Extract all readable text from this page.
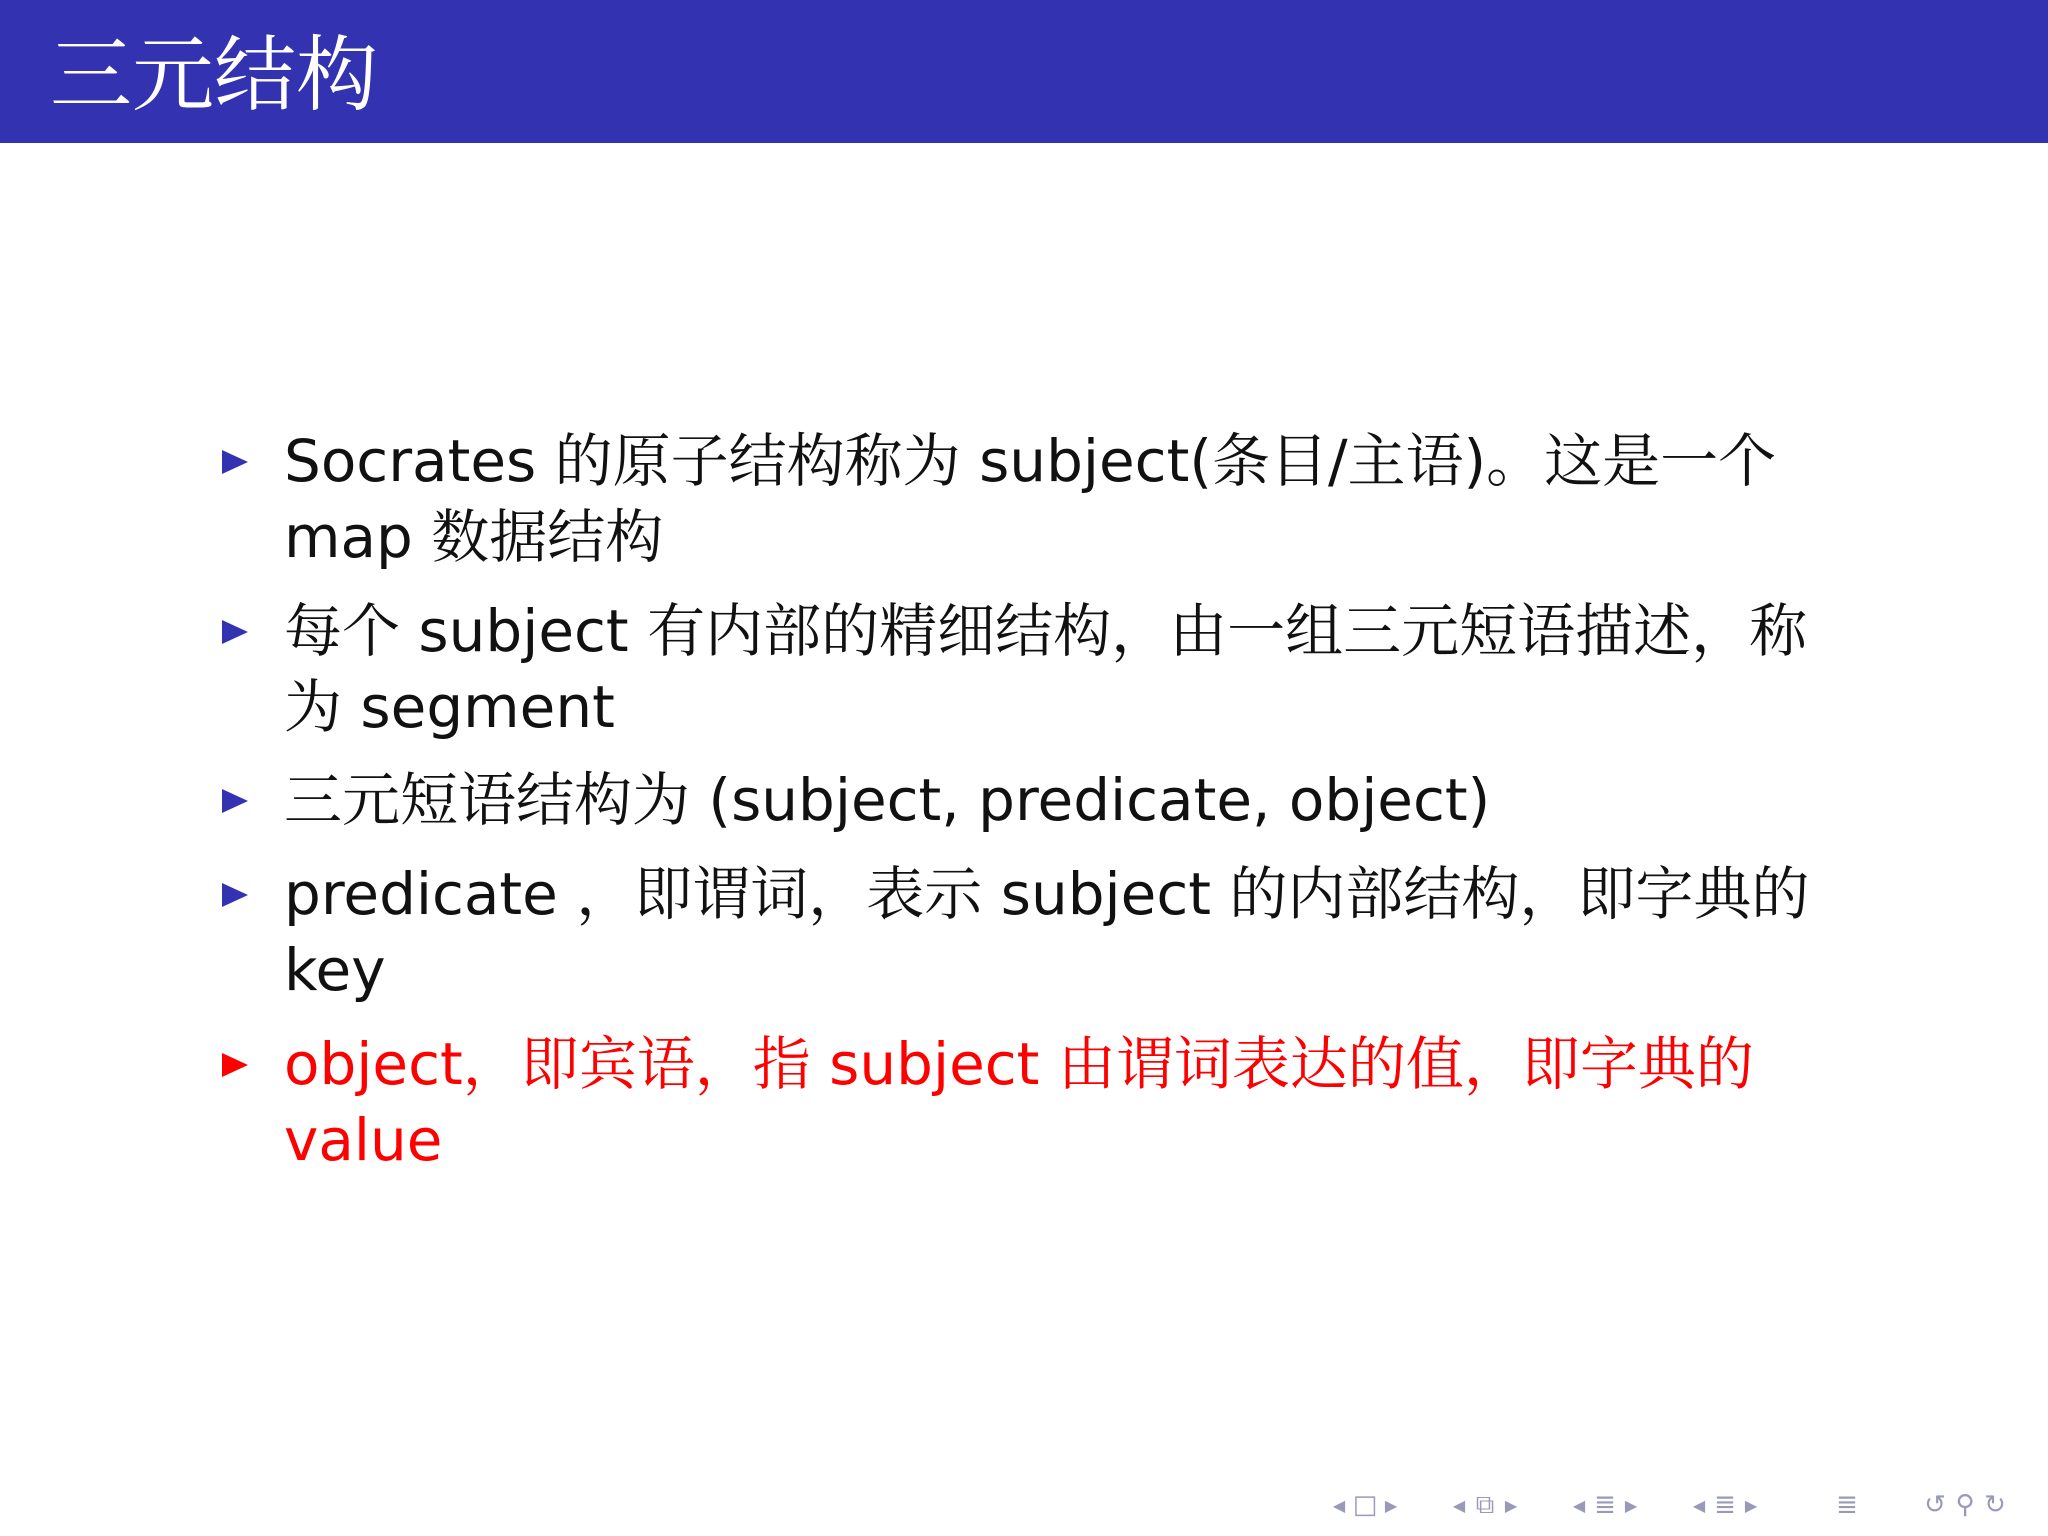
三元结构
Socrates 的原子结构称为 subject(条目/主语)。这是一个
map 数据结构
每个 subject 有内部的精细结构，由一组三元短语描述，称
为 segment
三元短语结构为 (subject, predicate, object)
predicate ，即谓词，表示 subject 的内部结构，即字典的
key
object，即宾语，指 subject 由谓词表达的值，即字典的
value
◀ □ ▶	◀ ⧉ ▶	◀ ≣ ▶	◀ ≣ ▶	≣	↺ ⚲ ↻
